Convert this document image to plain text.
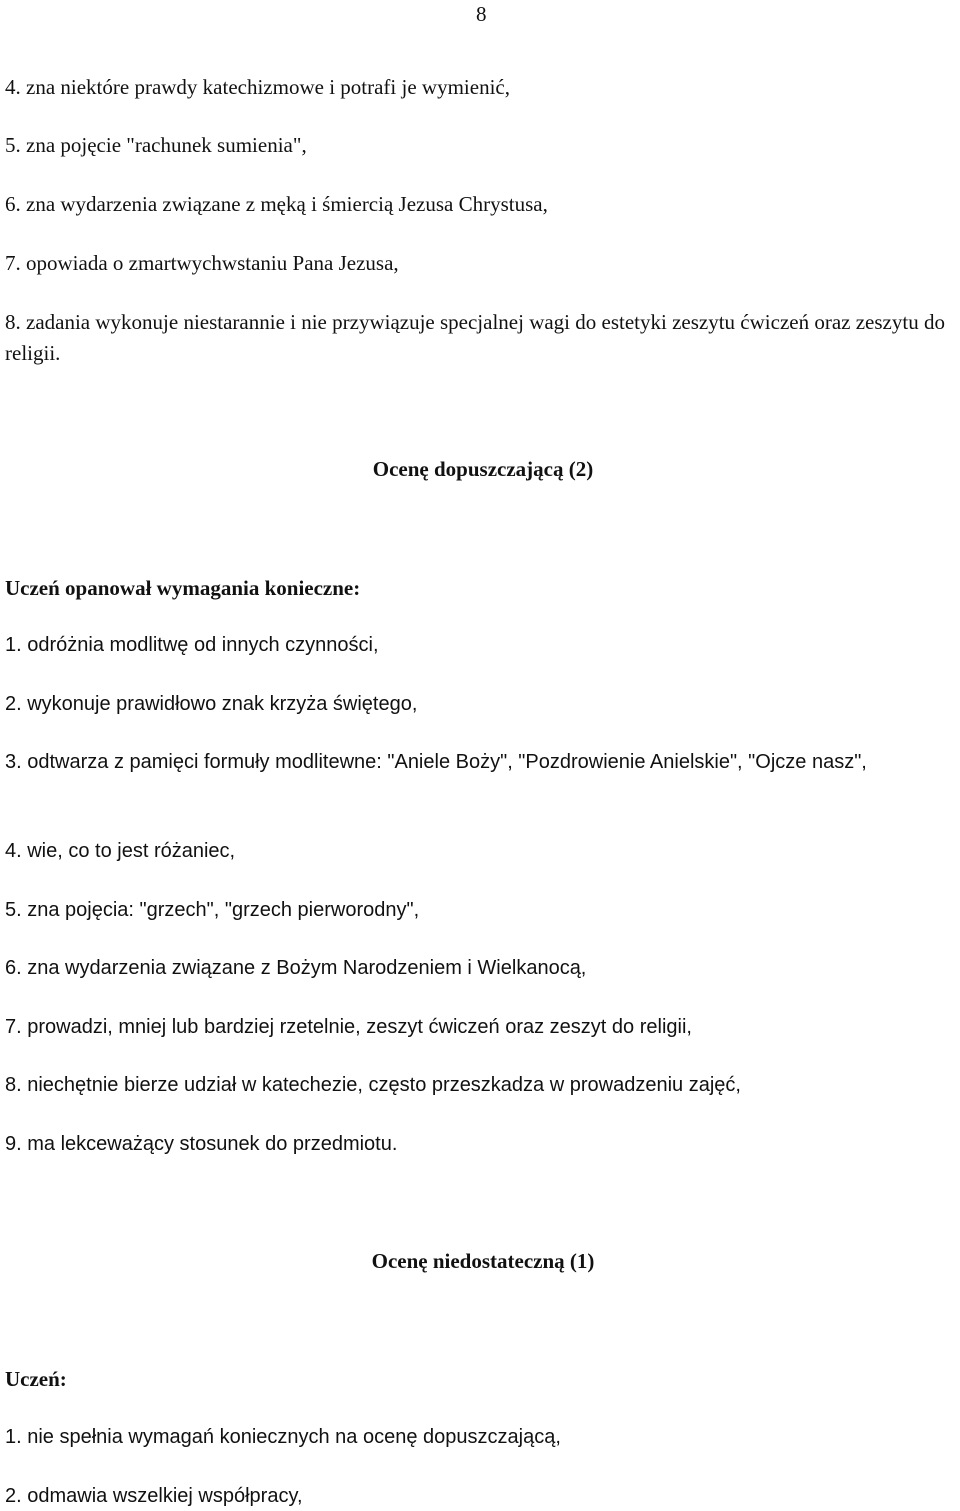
8
4. zna niektóre prawdy katechizmowe i potrafi je wymienić,
5. zna pojęcie "rachunek sumienia",
6. zna wydarzenia związane z męką i śmiercią Jezusa Chrystusa,
7. opowiada o zmartwychwstaniu Pana Jezusa,
8. zadania wykonuje niestarannie i nie przywiązuje specjalnej wagi do estetyki zeszytu ćwiczeń oraz zeszytu do religii.
Ocenę dopuszczającą (2)
Uczeń opanował wymagania konieczne:
1. odróżnia modlitwę od innych czynności,
2. wykonuje prawidłowo znak krzyża świętego,
3. odtwarza z pamięci formuły modlitewne: "Aniele Boży", "Pozdrowienie Anielskie", "Ojcze nasz",
4. wie, co to jest różaniec,
5. zna pojęcia: "grzech", "grzech pierworodny",
6. zna wydarzenia związane z Bożym Narodzeniem i Wielkanocą,
7. prowadzi, mniej lub bardziej rzetelnie, zeszyt ćwiczeń oraz zeszyt do religii,
8. niechętnie bierze udział w katechezie, często przeszkadza w prowadzeniu zajęć,
9. ma lekceważący stosunek do przedmiotu.
Ocenę niedostateczną (1)
Uczeń:
1. nie spełnia wymagań koniecznych na ocenę dopuszczającą,
2. odmawia wszelkiej współpracy,
